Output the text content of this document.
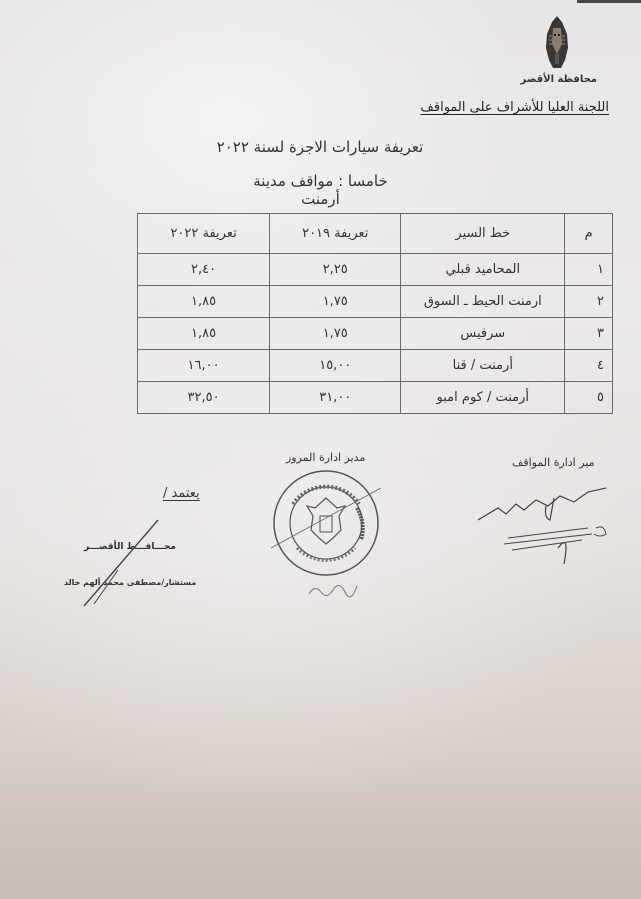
محافظة الأقصر
اللجنة العليا للأشراف على المواقف
تعريفة سيارات الاجرة لسنة ٢٠٢٢
خامسا : مواقف مدينة أرمنت
م	خط السير	تعريفة ٢٠١٩	تعريفة ٢٠٢٢
١	المحاميد قبلي	٢,٢٥	٢,٤٠
٢	ارمنت الحيط ـ السوق	١,٧٥	١,٨٥
٣	سرفيس	١,٧٥	١,٨٥
٤	أرمنت / قنا	١٥,٠٠	١٦,٠٠
٥	أرمنت / كوم امبو	٣١,٠٠	٣٢,٥٠
مدير ادارة المرور	مير ادارة المواقف
يعتمد /
محـــافـــظ الأقصـــر
مستشار/مصطفى محمد ألهم خالد
